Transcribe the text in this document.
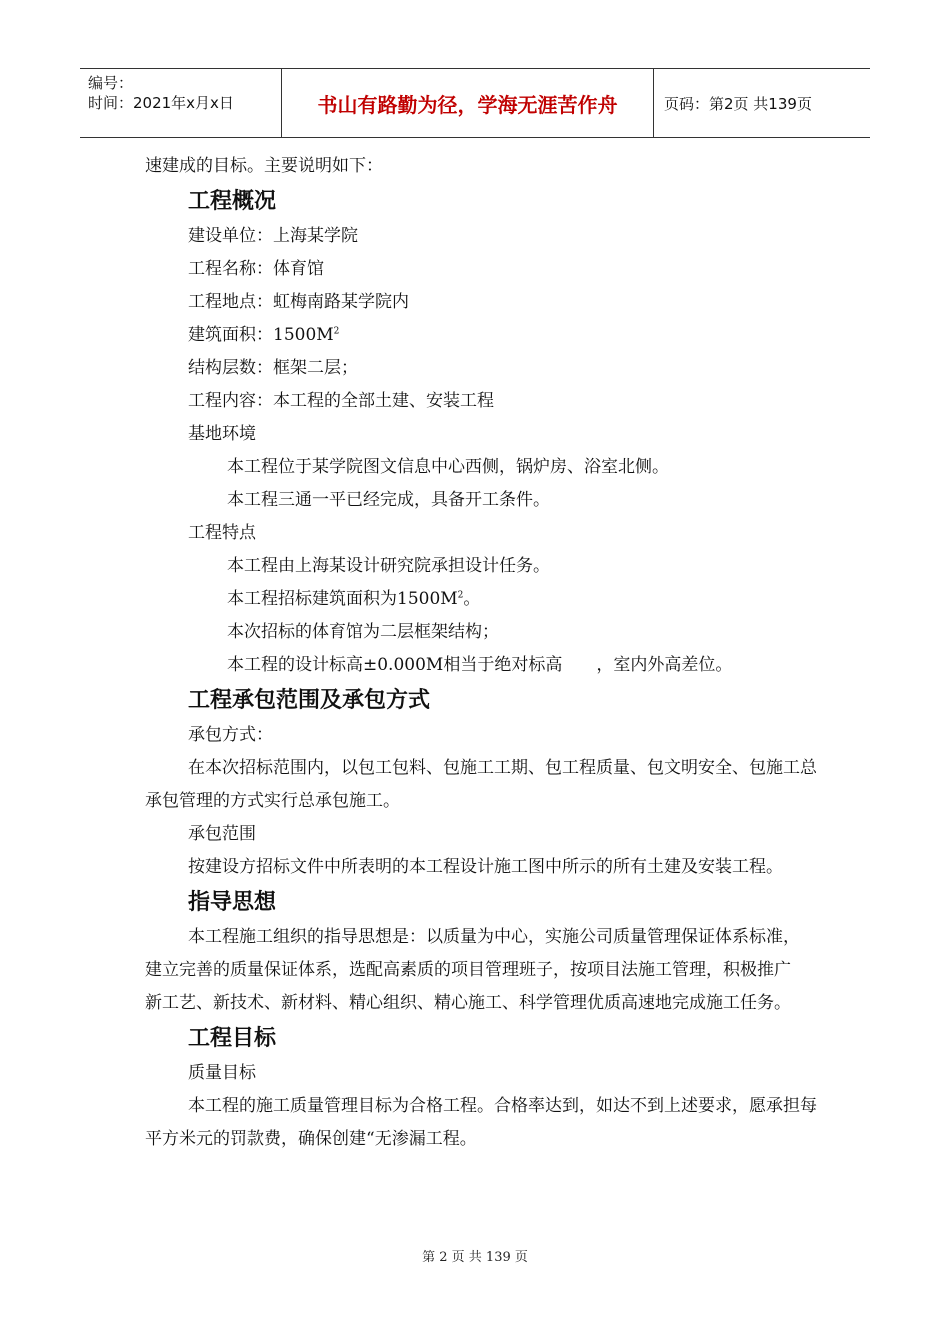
编号：
时间：2021年x月x日	书山有路勤为径，学海无涯苦作舟	页码：第2页 共139页

速建成的目标。主要说明如下：

工程概况

建设单位：上海某学院

工程名称：体育馆

工程地点：虹梅南路某学院内

建筑面积：$1500M^2$

结构层数：框架二层；

工程内容：本工程的全部土建、安装工程

基地环境

本工程位于某学院图文信息中心西侧，锅炉房、浴室北侧。

本工程三通一平已经完成，具备开工条件。

工程特点

本工程由上海某设计研究院承担设计任务。

本工程招标建筑面积为$1500M^2$。

本次招标的体育馆为二层框架结构；

本工程的设计标高±0.000M相当于绝对标高 ，室内外高差位。

工程承包范围及承包方式

承包方式：

在本次招标范围内，以包工包料、包施工工期、包工程质量、包文明安全、包施工总承包管理的方式实行总承包施工。

承包范围

按建设方招标文件中所表明的本工程设计施工图中所示的所有土建及安装工程。

指导思想

本工程施工组织的指导思想是：以质量为中心，实施公司质量管理保证体系标准，建立完善的质量保证体系，选配高素质的项目管理班子，按项目法施工管理，积极推广新工艺、新技术、新材料、精心组织、精心施工、科学管理优质高速地完成施工任务。

工程目标

质量目标

本工程的施工质量管理目标为合格工程。合格率达到，如达不到上述要求，愿承担每平方米元的罚款费，确保创建“无渗漏工程。

第 2 页 共 139 页
